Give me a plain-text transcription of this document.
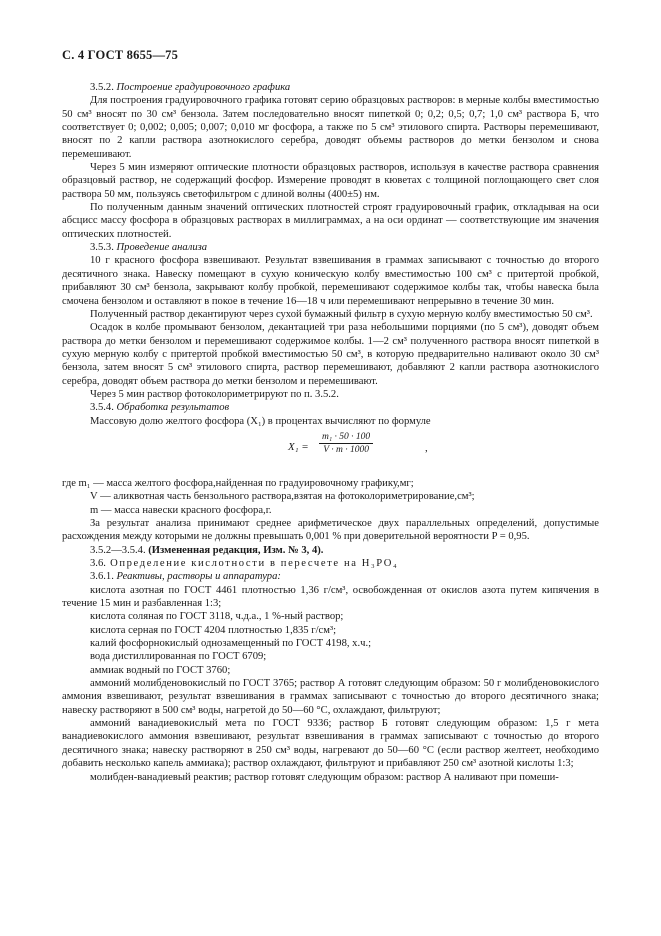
С. 4 ГОСТ 8655—75

3.5.2. Построение градуировочного графика

Для построения градуировочного графика готовят серию образцовых растворов: в мерные колбы вместимостью 50 см³ вносят по 30 см³ бензола. Затем последовательно вносят пипеткой 0; 0,2; 0,5; 0,7; 1,0 см³ раствора Б, что соответствует 0; 0,002; 0,005; 0,007; 0,010 мг фосфора, а также по 5 см³ этилового спирта. Растворы перемешивают, вносят по 2 капли раствора азотнокислого серебра, доводят объемы растворов до метки бензолом и снова перемешивают.

Через 5 мин измеряют оптические плотности образцовых растворов, используя в качестве раствора сравнения образцовый раствор, не содержащий фосфор. Измерение проводят в кюветах с толщиной поглощающего свет слоя раствора 50 мм, пользуясь светофильтром с длиной волны (400±5) нм.

По полученным данным значений оптических плотностей строят градуировочный график, откладывая на оси абсцисс массу фосфора в образцовых растворах в миллиграммах, а на оси ординат — соответствующие им значения оптических плотностей.

3.5.3. Проведение анализа

10 г красного фосфора взвешивают. Результат взвешивания в граммах записывают с точностью до второго десятичного знака. Навеску помещают в сухую коническую колбу вместимостью 100 см³ с притертой пробкой, прибавляют 30 см³ бензола, закрывают колбу пробкой, перемешивают содержимое колбы так, чтобы навеска была смочена бензолом и оставляют в покое в течение 16—18 ч или перемешивают непрерывно в течение 30 мин.

Полученный раствор декантируют через сухой бумажный фильтр в сухую мерную колбу вместимостью 50 см³.

Осадок в колбе промывают бензолом, декантацией три раза небольшими порциями (по 5 см³), доводят объем раствора до метки бензолом и перемешивают содержимое колбы. 1—2 см³ полученного раствора вносят пипеткой в сухую мерную колбу с притертой пробкой вместимостью 50 см³, в которую предварительно наливают около 30 см³ бензола, затем вносят 5 см³ этилового спирта, раствор перемешивают, добавляют 2 капли раствора азотнокислого серебра, доводят объем раствора до метки бензолом и перемешивают.

Через 5 мин раствор фотоколориметрируют по п. 3.5.2.

3.5.4. Обработка результатов

Массовую долю желтого фосфора (X₁) в процентах вычисляют по формуле

$X_1 = \frac{\text{m₁ · 50 · 100}}{V \cdot m \cdot 1000}$	,

где m₁ — масса желтого фосфора,найденная по градуировочному графику,мг;

V — аликвотная часть бензольного раствора,взятая на фотоколориметрирование,см³;

m — масса навески красного фосфора,г.

За результат анализа принимают среднее арифметическое двух параллельных определений, допустимые расхождения между которыми не должны превышать 0,001 % при доверительной вероятности P = 0,95.

3.5.2—3.5.4. (Измененная редакция, Изм. № 3, 4).

3.6. Определение кислотности в пересчете на H₃PO₄

3.6.1. Реактивы, растворы и аппаратура:

кислота азотная по ГОСТ 4461 плотностью 1,36 г/см³, освобожденная от окислов азота путем кипячения в течение 15 мин и разбавленная 1:3;

кислота соляная по ГОСТ 3118, ч.д.а., 1 %-ный раствор;

кислота серная по ГОСТ 4204 плотностью 1,835 г/см³;

калий фосфорнокислый однозамещенный по ГОСТ 4198, х.ч.;

вода дистиллированная по ГОСТ 6709;

аммиак водный по ГОСТ 3760;

аммоний молибденовокислый по ГОСТ 3765; раствор А готовят следующим образом: 50 г молибденовокислого аммония взвешивают, результат взвешивания в граммах записывают с точностью до второго десятичного знака; навеску растворяют в 500 см³ воды, нагретой до 50—60 °С, охлаждают, фильтруют;

аммоний ванадиевокислый мета по ГОСТ 9336; раствор Б готовят следующим образом: 1,5 г мета ванадиевокислого аммония взвешивают, результат взвешивания в граммах записывают с точностью до второго десятичного знака; навеску растворяют в 250 см³ воды, нагревают до 50—60 °С (если раствор желтеет, необходимо добавить несколько капель аммиака); раствор охлаждают, фильтруют и прибавляют 250 см³ азотной кислоты 1:3;

молибден-ванадиевый реактив; раствор готовят следующим образом: раствор А наливают при помеши-
